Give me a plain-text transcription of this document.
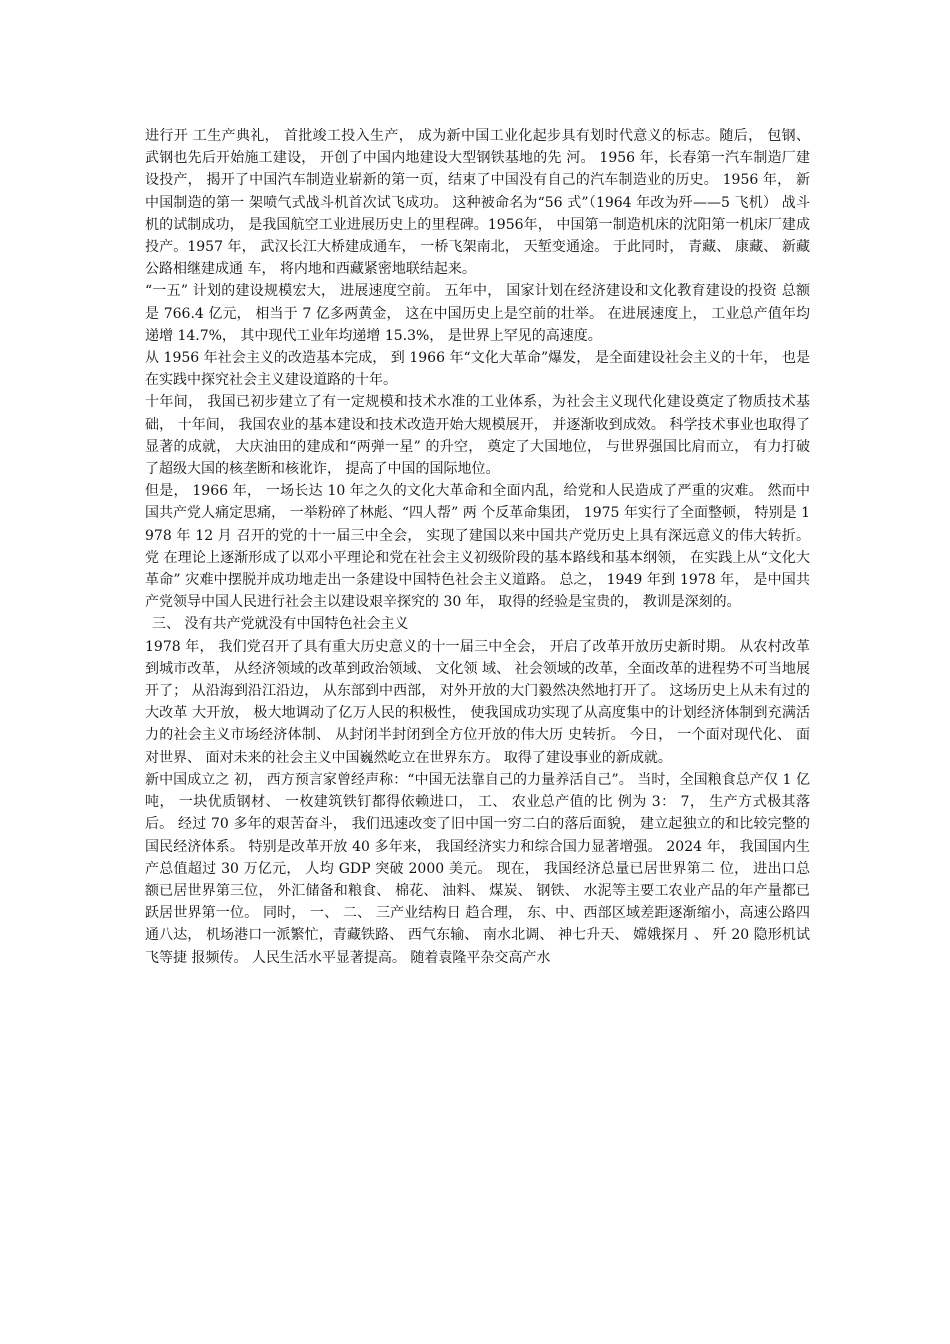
进行开 工生产典礼， 首批竣工投入生产， 成为新中国工业化起步具有划时代意义的标志。随后， 包钢、 武钢也先后开始施工建设， 开创了中国内地建设大型钢铁基地的先 河。 1956 年，长春第一汽车制造厂建设投产， 揭开了中国汽车制造业崭新的第一页，结束了中国没有自己的汽车制造业的历史。 1956 年， 新中国制造的第一 架喷气式战斗机首次试飞成功。 这种被命名为“56 式”（1964 年改为歼——5 飞机） 战斗机的试制成功， 是我国航空工业进展历史上的里程碑。1956年， 中国第一制造机床的沈阳第一机床厂建成投产。1957 年， 武汉长江大桥建成通车， 一桥飞架南北， 天堑变通途。 于此同时， 青藏、 康藏、 新藏公路相继建成通 车， 将内地和西藏紧密地联结起来。

“一五” 计划的建设规模宏大， 进展速度空前。 五年中， 国家计划在经济建设和文化教育建设的投资 总额是 766.4 亿元， 相当于 7 亿多两黄金， 这在中国历史上是空前的壮举。 在进展速度上， 工业总产值年均递增 14.7%， 其中现代工业年均递增 15.3%， 是世界上罕见的高速度。

从 1956 年社会主义的改造基本完成， 到 1966 年“文化大革命”爆发， 是全面建设社会主义的十年， 也是在实践中探究社会主义建设道路的十年。

十年间， 我国已初步建立了有一定规模和技术水准的工业体系，为社会主义现代化建设奠定了物质技术基础， 十年间， 我国农业的基本建设和技术改造开始大规模展开， 并逐渐收到成效。 科学技术事业也取得了显著的成就， 大庆油田的建成和“两弹一星” 的升空， 奠定了大国地位， 与世界强国比肩而立， 有力打破了超级大国的核垄断和核讹诈， 提高了中国的国际地位。

但是， 1966 年， 一场长达 10 年之久的文化大革命和全面内乱，给党和人民造成了严重的灾难。 然而中国共产党人痛定思痛， 一举粉碎了林彪、“四人帮” 两 个反革命集团， 1975 年实行了全面整顿， 特别是 1978 年 12 月 召开的党的十一届三中全会， 实现了建国以来中国共产党历史上具有深远意义的伟大转折。 党 在理论上逐渐形成了以邓小平理论和党在社会主义初级阶段的基本路线和基本纲领， 在实践上从“文化大革命” 灾难中摆脱并成功地走出一条建设中国特色社会主义道路。 总之， 1949 年到 1978 年， 是中国共产党领导中国人民进行社会主以建设艰辛探究的 30 年， 取得的经验是宝贵的， 教训是深刻的。

三、 没有共产党就没有中国特色社会主义

1978 年， 我们党召开了具有重大历史意义的十一届三中全会， 开启了改革开放历史新时期。 从农村改革到城市改革， 从经济领域的改革到政治领域、 文化领 域、 社会领域的改革，全面改革的进程势不可当地展开了； 从沿海到沿江沿边， 从东部到中西部， 对外开放的大门毅然决然地打开了。 这场历史上从未有过的大改革 大开放， 极大地调动了亿万人民的积极性， 使我国成功实现了从高度集中的计划经济体制到充满活力的社会主义市场经济体制、 从封闭半封闭到全方位开放的伟大历 史转折。 今日， 一个面对现代化、 面对世界、 面对未来的社会主义中国巍然屹立在世界东方。 取得了建设事业的新成就。

新中国成立之 初， 西方预言家曾经声称：“中国无法靠自己的力量养活自己”。 当时，全国粮食总产仅 1 亿吨， 一块优质钢材、 一枚建筑铁钉都得依赖进口， 工、 农业总产值的比 例为 3： 7， 生产方式极其落后。 经过 70 多年的艰苦奋斗， 我们迅速改变了旧中国一穷二白的落后面貌， 建立起独立的和比较完整的国民经济体系。 特别是改革开放 40 多年来， 我国经济实力和综合国力显著增强。 2024 年， 我国国内生产总值超过 30 万亿元， 人均 GDP 突破 2000 美元。 现在， 我国经济总量已居世界第二 位， 进出口总额已居世界第三位， 外汇储备和粮食、 棉花、 油料、 煤炭、 钢铁、 水泥等主要工农业产品的年产量都已跃居世界第一位。 同时， 一、 二、 三产业结构日 趋合理， 东、中、西部区域差距逐渐缩小，高速公路四通八达， 机场港口一派繁忙，青藏铁路、 西气东输、 南水北调、 神七升天、 嫦娥探月 、 歼 20 隐形机试飞等捷 报频传。 人民生活水平显著提高。 随着袁隆平杂交高产水
